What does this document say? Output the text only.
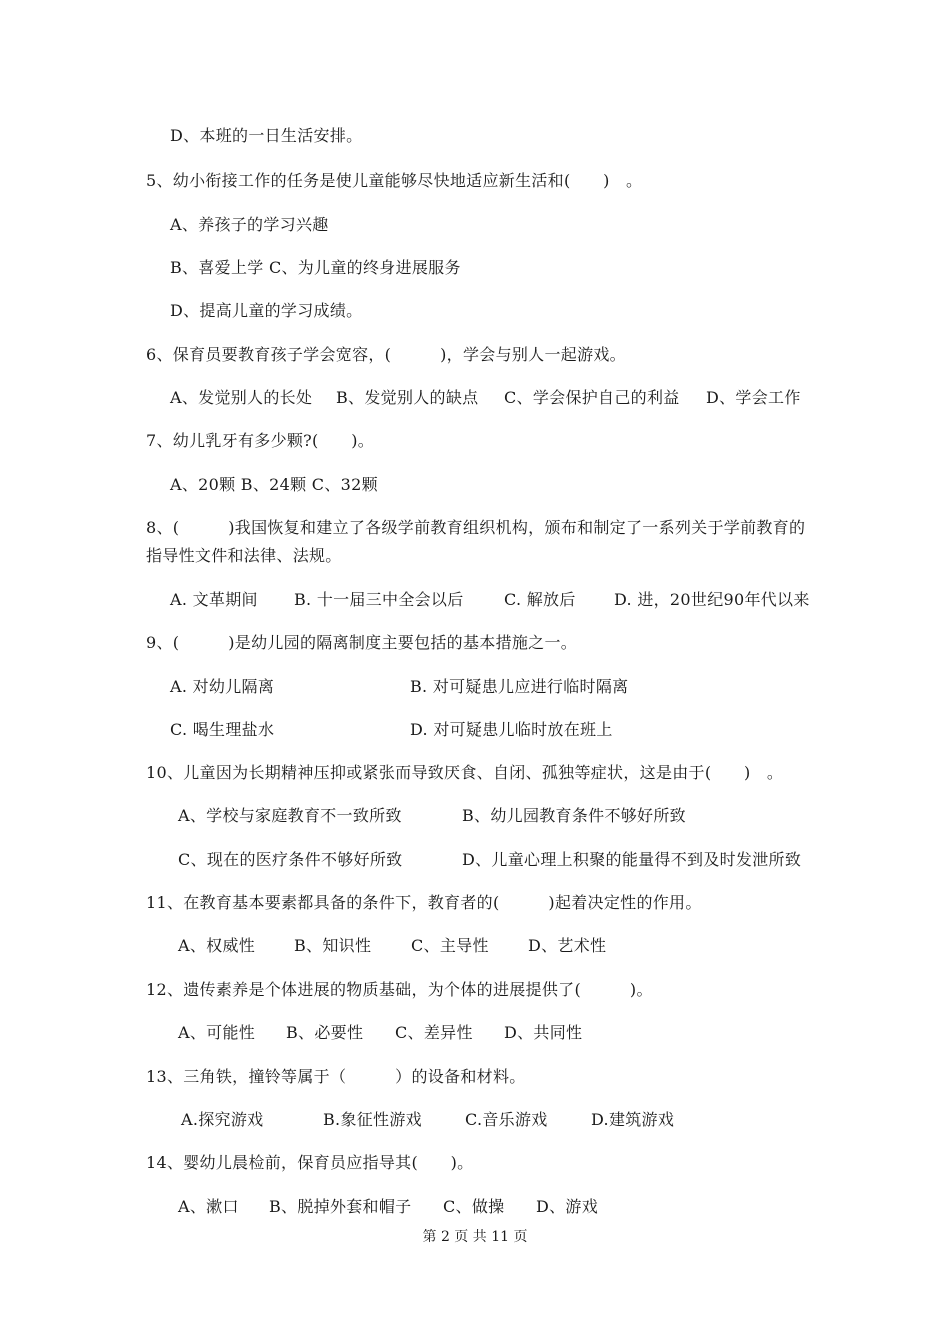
D、本班的一日生活安排。
5、幼小衔接工作的任务是使儿童能够尽快地适应新生活和(　　)　。
A、养孩子的学习兴趣
B、喜爱上学 C、为儿童的终身进展服务
D、提高儿童的学习成绩。
6、保育员要教育孩子学会宽容，(　　　)，学会与别人一起游戏。
A、发觉别人的长处	B、发觉别人的缺点	C、学会保护自己的利益	D、学会工作
7、幼儿乳牙有多少颗?(　　)。
A、20颗 B、24颗 C、32颗
8、(　　　)我国恢复和建立了各级学前教育组织机构，颁布和制定了一系列关于学前教育的
指导性文件和法律、法规。
A. 文革期间	B. 十一届三中全会以后	C. 解放后	D. 进，20世纪90年代以来
9、(　　　)是幼儿园的隔离制度主要包括的基本措施之一。
A. 对幼儿隔离	B. 对可疑患儿应进行临时隔离
C. 喝生理盐水	D. 对可疑患儿临时放在班上
10、儿童因为长期精神压抑或紧张而导致厌食、自闭、孤独等症状，这是由于(　　)　。
A、学校与家庭教育不一致所致	B、幼儿园教育条件不够好所致
C、现在的医疗条件不够好所致	D、儿童心理上积聚的能量得不到及时发泄所致
11、在教育基本要素都具备的条件下，教育者的(　　　)起着决定性的作用。
A、权威性	B、知识性	C、主导性	D、艺术性
12、遗传素养是个体进展的物质基础，为个体的进展提供了(　　　)。
A、可能性	B、必要性	C、差异性	D、共同性
13、三角铁，撞铃等属于（　　　）的设备和材料。
A.探究游戏	B.象征性游戏	C.音乐游戏	D.建筑游戏
14、婴幼儿晨检前，保育员应指导其(　　)。
A、漱口	B、脱掉外套和帽子	C、做操	D、游戏
第 2 页 共 11 页
